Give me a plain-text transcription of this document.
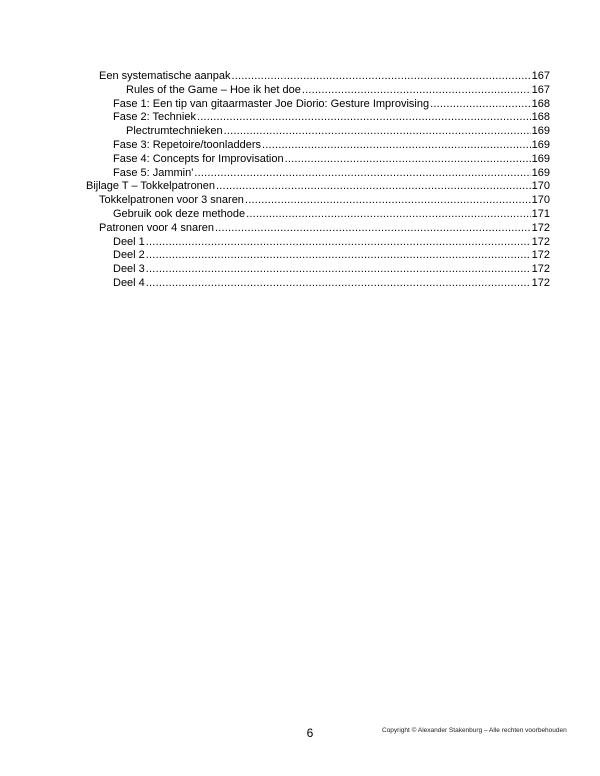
Een systematische aanpak .....	167
Rules of the Game – Hoe ik het doe .....	167
Fase 1: Een tip van gitaarmaster Joe Diorio: Gesture Improvising .....	168
Fase 2: Techniek .....	168
Plectrumtechnieken .....	169
Fase 3: Repetoire/toonladders .....	169
Fase 4: Concepts for Improvisation .....	169
Fase 5: Jammin' .....	169
Bijlage T – Tokkelpatronen .....	170
Tokkelpatronen voor 3 snaren .....	170
Gebruik ook deze methode .....	171
Patronen voor 4 snaren .....	172
Deel 1 .....	172
Deel 2 .....	172
Deel 3 .....	172
Deel 4 .....	172
6	Copyright © Alexander Stakenburg – Alle rechten voorbehouden
